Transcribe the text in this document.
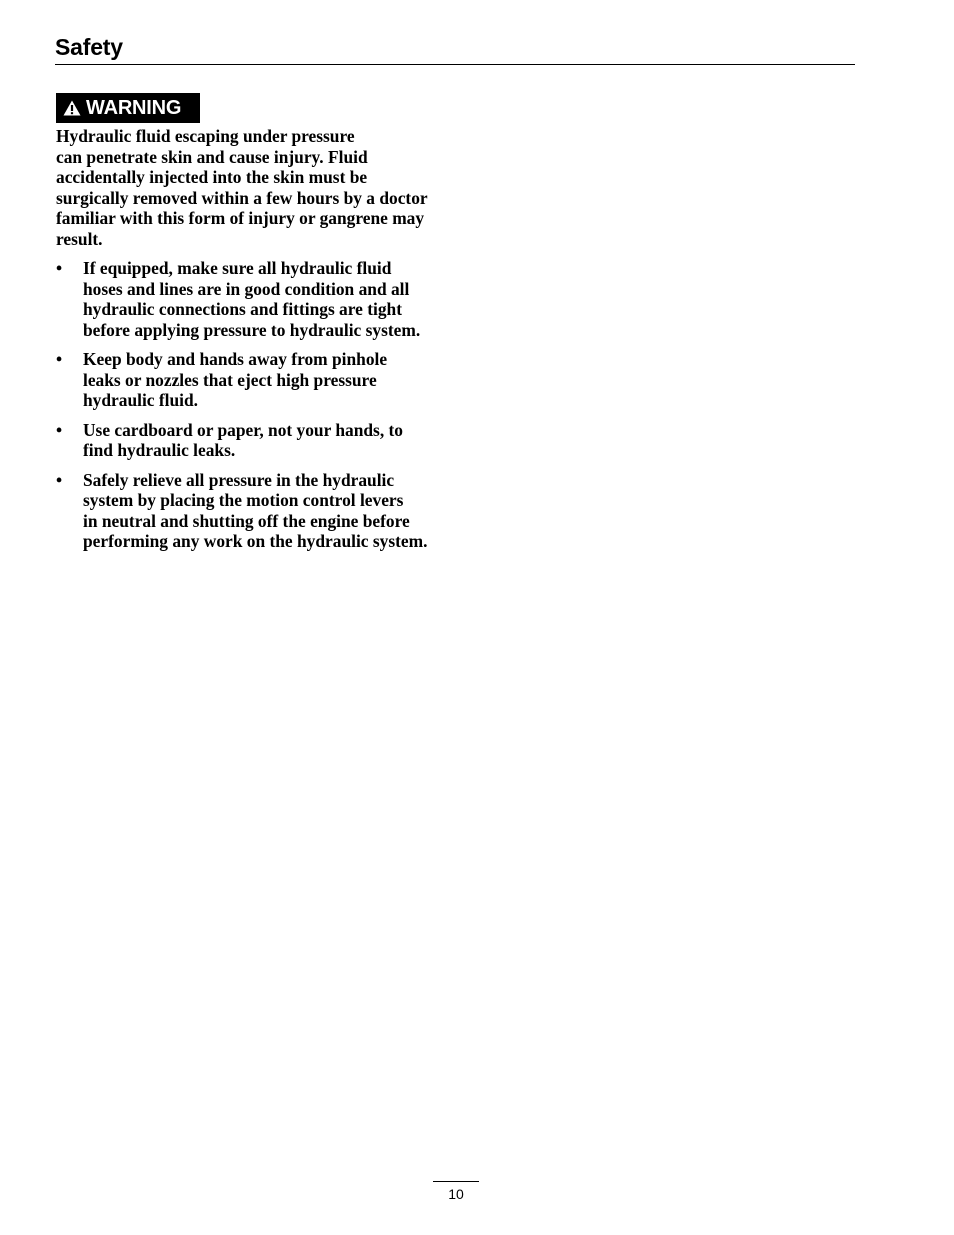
Safety
WARNING
Hydraulic fluid escaping under pressure
can penetrate skin and cause injury. Fluid
accidentally injected into the skin must be
surgically removed within a few hours by a doctor
familiar with this form of injury or gangrene may
result.
• If equipped, make sure all hydraulic fluid
hoses and lines are in good condition and all
hydraulic connections and fittings are tight
before applying pressure to hydraulic system.
• Keep body and hands away from pinhole
leaks or nozzles that eject high pressure
hydraulic fluid.
• Use cardboard or paper, not your hands, to
find hydraulic leaks.
• Safely relieve all pressure in the hydraulic
system by placing the motion control levers
in neutral and shutting off the engine before
performing any work on the hydraulic system.
10
